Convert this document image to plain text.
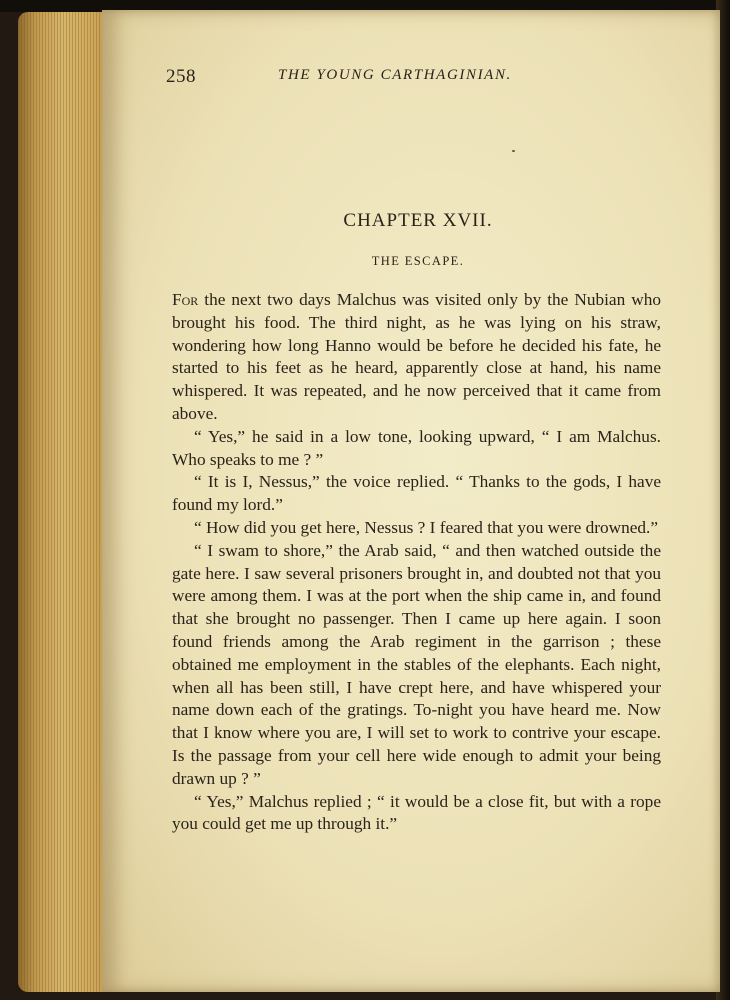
258	THE YOUNG CARTHAGINIAN.
CHAPTER XVII.
THE ESCAPE.

For the next two days Malchus was visited only by the Nubian who brought his food. The third night, as he was lying on his straw, wondering how long Hanno would be before he decided his fate, he started to his feet as he heard, apparently close at hand, his name whispered. It was repeated, and he now perceived that it came from above.

“ Yes,” he said in a low tone, looking upward, “ I am Malchus. Who speaks to me ? ”

“ It is I, Nessus,” the voice replied. “ Thanks to the gods, I have found my lord.”

“ How did you get here, Nessus ? I feared that you were drowned.”

“ I swam to shore,” the Arab said, “ and then watched outside the gate here. I saw several prisoners brought in, and doubted not that you were among them. I was at the port when the ship came in, and found that she brought no passenger. Then I came up here again. I soon found friends among the Arab regiment in the garrison ; these obtained me employment in the stables of the elephants. Each night, when all has been still, I have crept here, and have whispered your name down each of the gratings. To-night you have heard me. Now that I know where you are, I will set to work to contrive your escape. Is the passage from your cell here wide enough to admit your being drawn up ? ”

“ Yes,” Malchus replied ; “ it would be a close fit, but with a rope you could get me up through it.”
